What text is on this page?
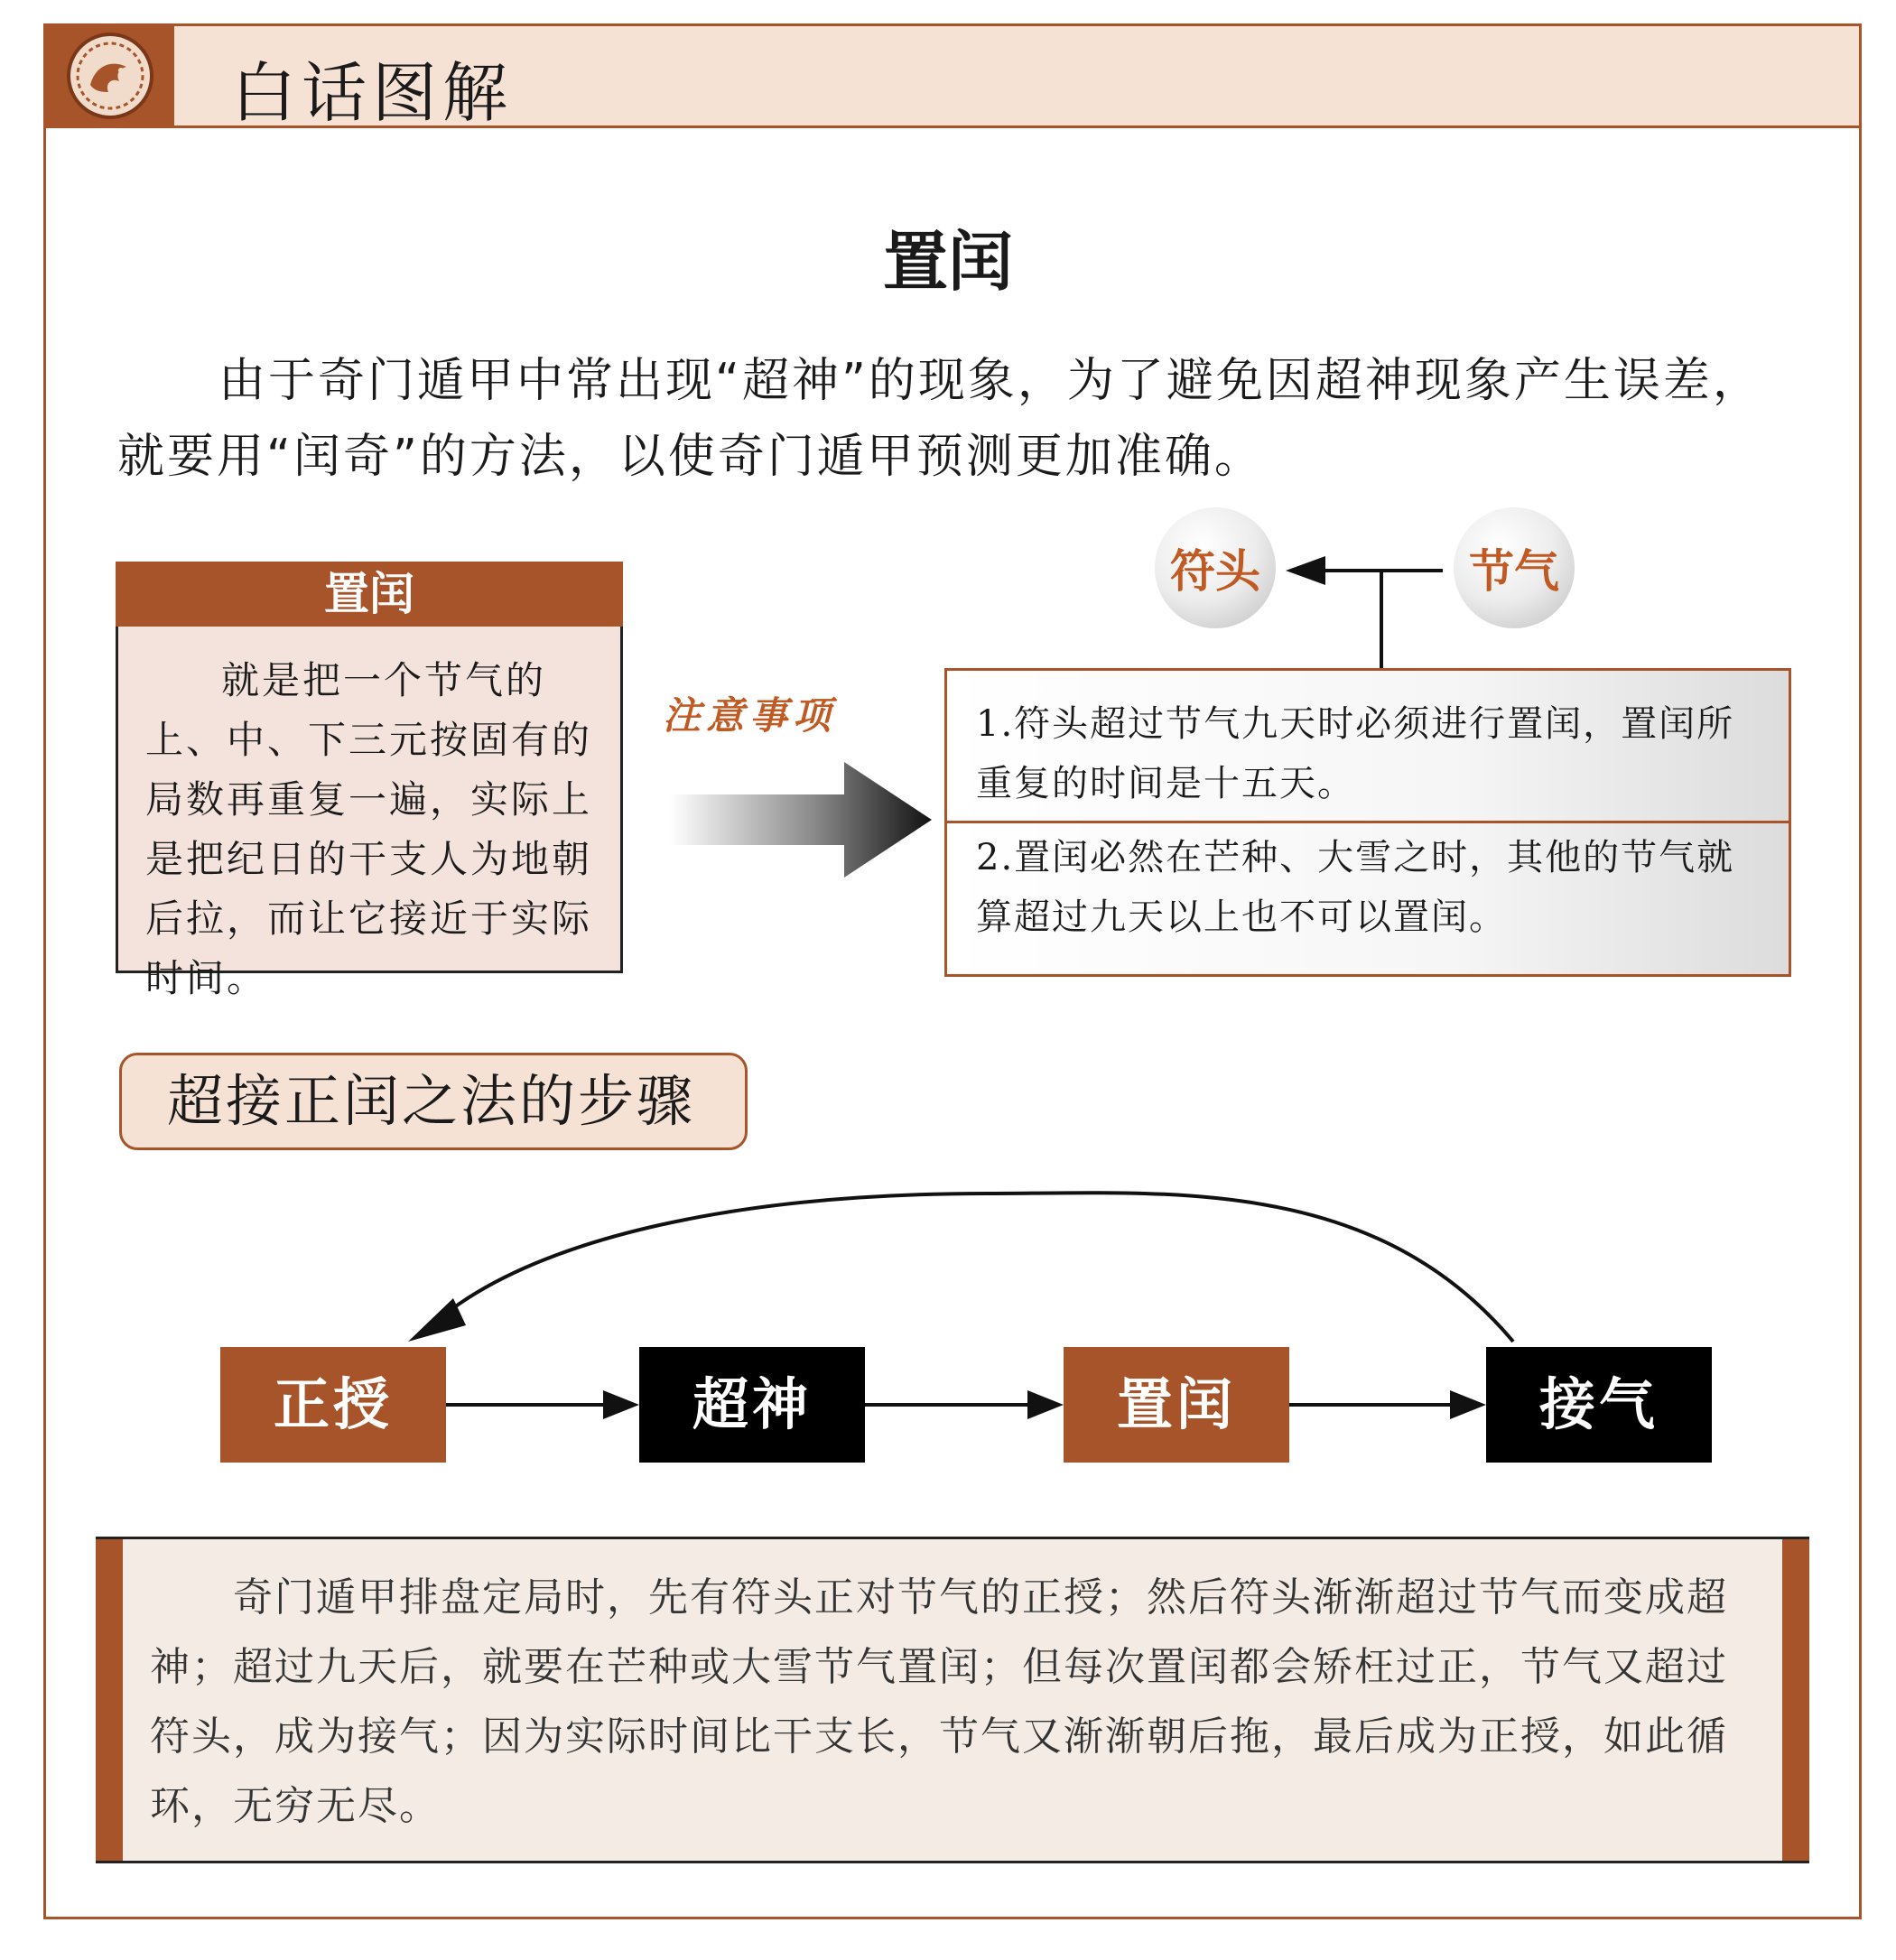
白话图解
置闰
由于奇门遁甲中常出现“超神”的现象，为了避免因超神现象产生误差，就要用“闰奇”的方法，以使奇门遁甲预测更加准确。
置闰
就是把一个节气的上、中、下三元按固有的局数再重复一遍，实际上是把纪日的干支人为地朝后拉，而让它接近于实际时间。
注意事项
符头	节气
1.符头超过节气九天时必须进行置闰，置闰所重复的时间是十五天。
2.置闰必然在芒种、大雪之时，其他的节气就算超过九天以上也不可以置闰。
超接正闰之法的步骤
正授	超神	置闰	接气
奇门遁甲排盘定局时，先有符头正对节气的正授；然后符头渐渐超过节气而变成超神；超过九天后，就要在芒种或大雪节气置闰；但每次置闰都会矫枉过正，节气又超过符头，成为接气；因为实际时间比干支长，节气又渐渐朝后拖，最后成为正授，如此循环，无穷无尽。
